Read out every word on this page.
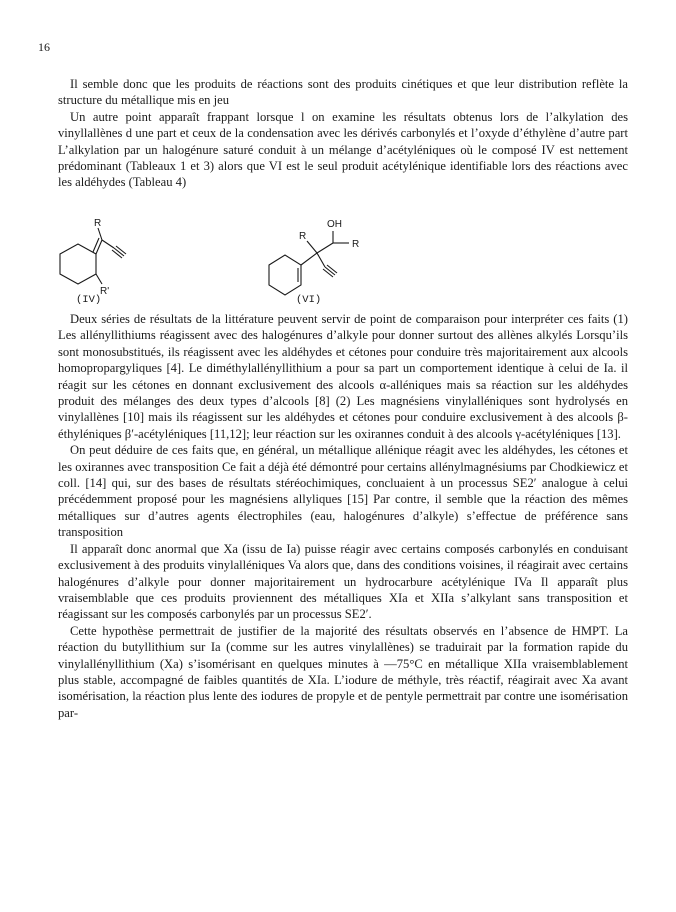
16

Il semble donc que les produits de réactions sont des produits cinétiques et que leur distribution reflète la structure du métallique mis en jeu

Un autre point apparaît frappant lorsque l on examine les résultats obtenus lors de l’alkylation des vinyllallènes d une part et ceux de la condensation avec les dérivés carbonylés et l’oxyde d’éthylène d’autre part L’alkylation par un halogénure saturé conduit à un mélange d’acétyléniques où le composé IV est nettement prédominant (Tableaux 1 et 3) alors que VI est le seul produit acétylénique identifiable lors des réactions avec les aldéhydes (Tableau 4)

R
R'
(IV)
OH
R
R
(VI)

Deux séries de résultats de la littérature peuvent servir de point de comparaison pour interpréter ces faits (1) Les allényllithiums réagissent avec des halogénures d’alkyle pour donner surtout des allènes alkylés Lorsqu’ils sont monosubstitués, ils réagissent avec les aldéhydes et cétones pour conduire très majoritairement aux alcools homopropargyliques [4]. Le diméthylallényllithium a pour sa part un comportement identique à celui de Ia. il réagit sur les cétones en donnant exclusivement des alcools α-alléniques mais sa réaction sur les aldéhydes produit des mélanges des deux types d’alcools [8] (2) Les magnésiens vinylalléniques sont hydrolysés en vinylallènes [10] mais ils réagissent sur les aldéhydes et cétones pour conduire exclusivement à des alcools β-éthyléniques β′-acétyléniques [11,12]; leur réaction sur les oxirannes conduit à des alcools γ-acétyléniques [13].

On peut déduire de ces faits que, en général, un métallique allénique réagit avec les aldéhydes, les cétones et les oxirannes avec transposition Ce fait a déjà été démontré pour certains allénylmagnésiums par Chodkiewicz et coll. [14] qui, sur des bases de résultats stéréochimiques, concluaient à un processus SE2′ analogue à celui précédemment proposé pour les magnésiens allyliques [15] Par contre, il semble que la réaction des mêmes métalliques sur d’autres agents électrophiles (eau, halogénures d’alkyle) s’effectue de préférence sans transposition

Il apparaît donc anormal que Xa (issu de Ia) puisse réagir avec certains composés carbonylés en conduisant exclusivement à des produits vinylalléniques Va alors que, dans des conditions voisines, il réagirait avec certains halogénures d’alkyle pour donner majoritairement un hydrocarbure acétylénique IVa Il apparaît plus vraisemblable que ces produits proviennent des métalliques XIa et XIIa s’alkylant sans transposition et réagissant sur les composés carbonylés par un processus SE2′.

Cette hypothèse permettrait de justifier de la majorité des résultats observés en l’absence de HMPT. La réaction du butyllithium sur Ia (comme sur les autres vinylallènes) se traduirait par la formation rapide du vinylallényllithium (Xa) s’isomérisant en quelques minutes à —75°C en métallique XIIa vraisemblablement plus stable, accompagné de faibles quantités de XIa. L’iodure de méthyle, très réactif, réagirait avec Xa avant isomérisation, la réaction plus lente des iodures de propyle et de pentyle permettrait par contre une isomérisation par-
